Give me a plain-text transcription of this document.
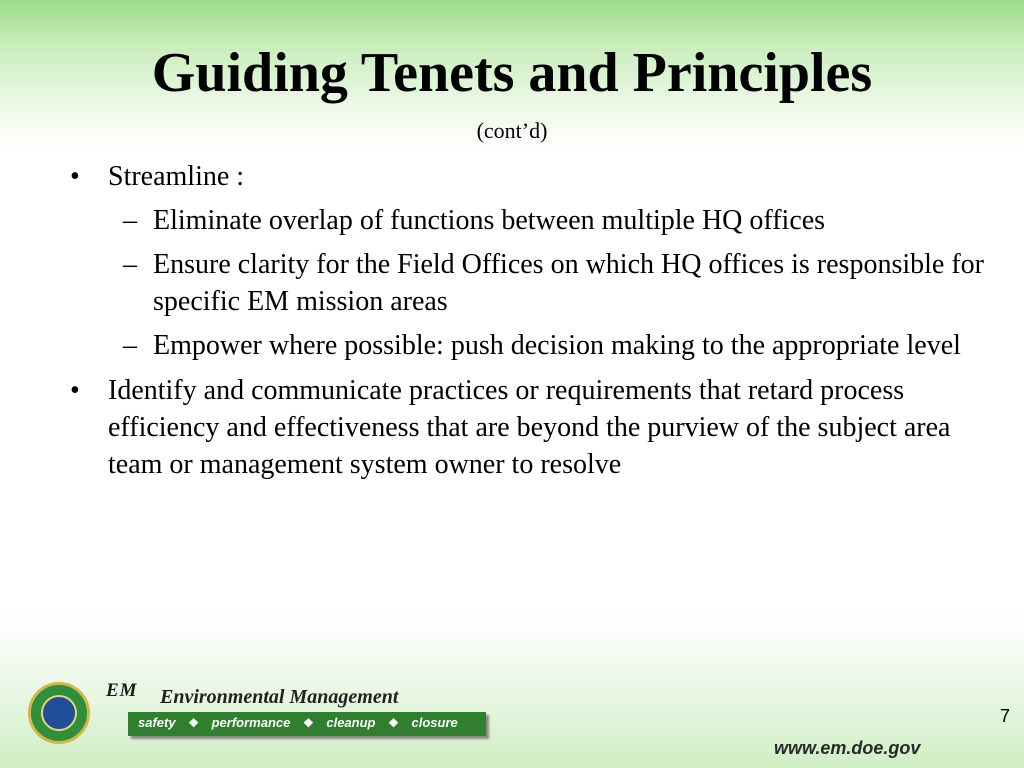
Guiding Tenets and Principles
(cont’d)
• Streamline :
– Eliminate overlap of functions between multiple HQ offices
– Ensure clarity for the Field Offices on which HQ offices is responsible for specific EM mission areas
– Empower where possible: push decision making to the appropriate level
• Identify and communicate practices or requirements that retard process efficiency and effectiveness that are beyond the purview of the subject area team or management system owner to resolve
EM Environmental Management
safety ❖ performance ❖ cleanup ❖ closure
www.em.doe.gov
7
